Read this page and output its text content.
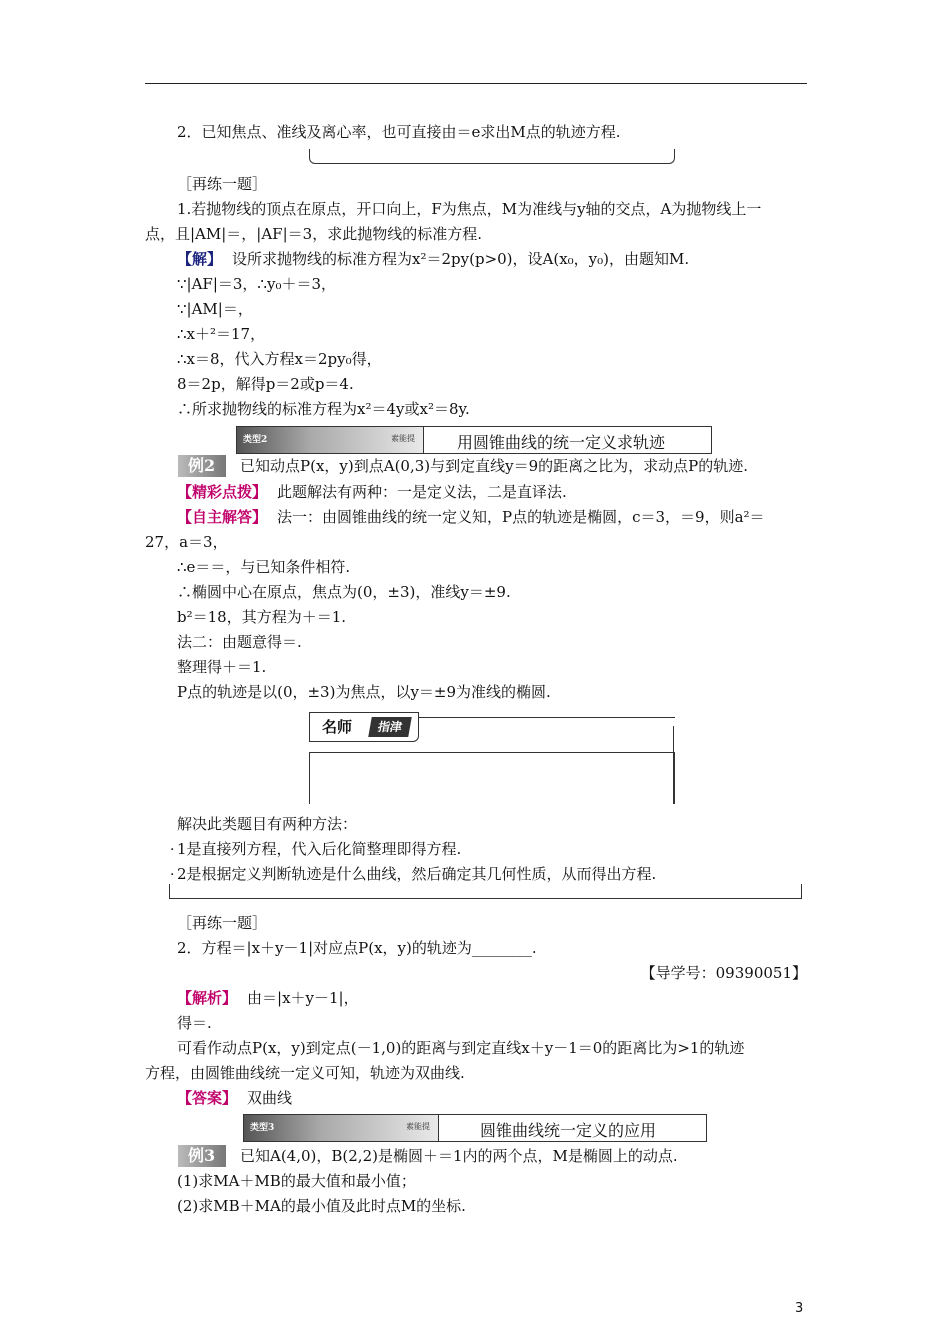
2．已知焦点、准线及离心率，也可直接由＝e求出M点的轨迹方程.
［再练一题］
1.若抛物线的顶点在原点，开口向上，F为焦点，M为准线与y轴的交点，A为抛物线上一
点，且|AM|＝，|AF|＝3，求此抛物线的标准方程.
【解】 设所求抛物线的标准方程为x²＝2py(p>0)，设A(x₀，y₀)，由题知M.
∵|AF|＝3，∴y₀＋＝3，
∵|AM|＝，
∴x＋²＝17，
∴x＝8，代入方程x＝2py₀得，
8＝2p，解得p＝2或p＝4.
∴所求抛物线的标准方程为x²＝4y或x²＝8y.
类型2	素能提	用圆锥曲线的统一定义求轨迹
例2	已知动点P(x，y)到点A(0,3)与到定直线y＝9的距离之比为，求动点P的轨迹.
【精彩点拨】 此题解法有两种：一是定义法，二是直译法.
【自主解答】 法一：由圆锥曲线的统一定义知，P点的轨迹是椭圆，c＝3，＝9，则a²＝
27，a＝3，
∴e＝＝，与已知条件相符.
∴椭圆中心在原点，焦点为(0，±3)，准线y＝±9.
b²＝18，其方程为＋＝1.
法二：由题意得＝.
整理得＋＝1.
P点的轨迹是以(0，±3)为焦点，以y＝±9为准线的椭圆.
名师	指津
解决此类题目有两种方法：
· 1是直接列方程，代入后化简整理即得方程.
· 2是根据定义判断轨迹是什么曲线，然后确定其几何性质，从而得出方程.
［再练一题］
2．方程＝|x＋y－1|对应点P(x，y)的轨迹为________.
【导学号：09390051】
【解析】 由＝|x＋y－1|，
得＝.
可看作动点P(x，y)到定点(－1,0)的距离与到定直线x＋y－1＝0的距离比为>1的轨迹
方程，由圆锥曲线统一定义可知，轨迹为双曲线.
【答案】 双曲线
类型3	素能提	圆锥曲线统一定义的应用
例3	已知A(4,0)，B(2,2)是椭圆＋＝1内的两个点，M是椭圆上的动点.
(1)求MA＋MB的最大值和最小值；
(2)求MB＋MA的最小值及此时点M的坐标.
3
